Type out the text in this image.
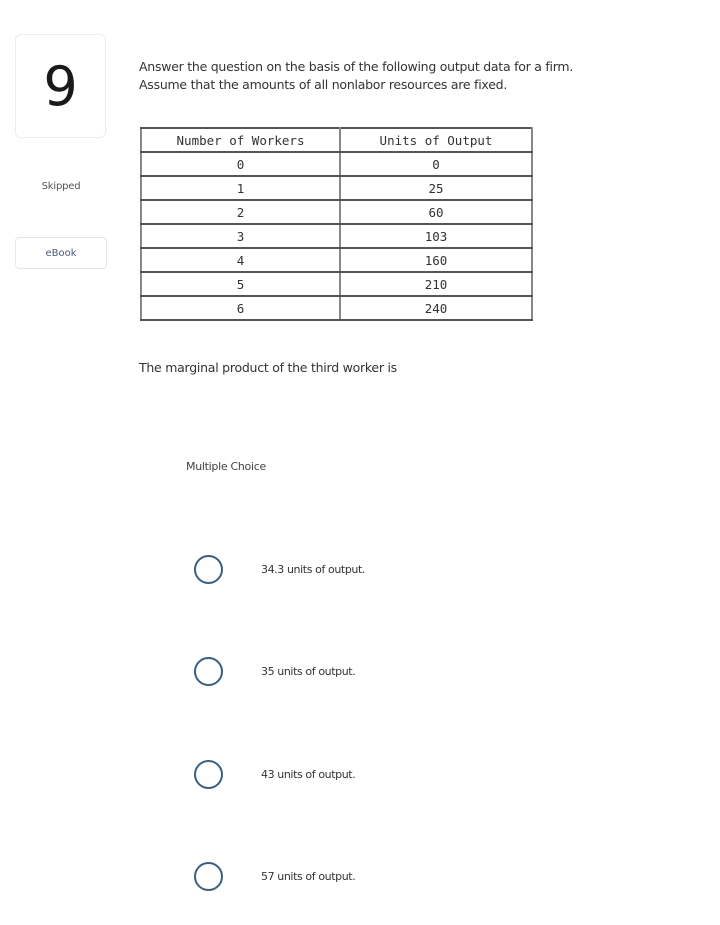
9
Skipped
eBook
Answer the question on the basis of the following output data for a firm.
Assume that the amounts of all nonlabor resources are fixed.
Number of Workers	Units of Output
0	0
1	25
2	60
3	103
4	160
5	210
6	240
The marginal product of the third worker is
Multiple Choice
34.3 units of output.
35 units of output.
43 units of output.
57 units of output.
